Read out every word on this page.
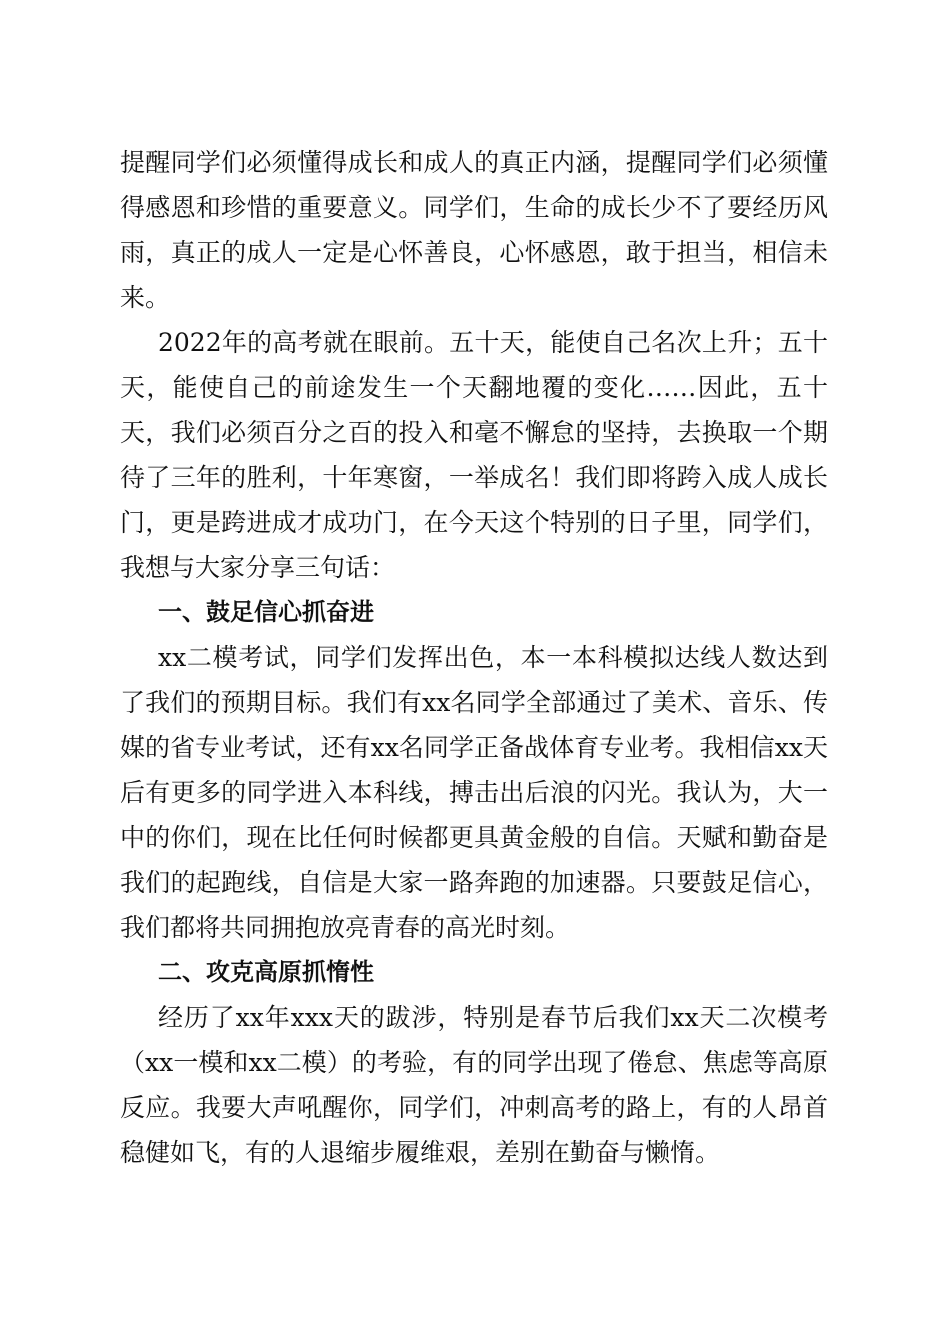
提醒同学们必须懂得成长和成人的真正内涵，提醒同学们必须懂得感恩和珍惜的重要意义。同学们，生命的成长少不了要经历风雨，真正的成人一定是心怀善良，心怀感恩，敢于担当，相信未来。

2022年的高考就在眼前。五十天，能使自己名次上升；五十天，能使自己的前途发生一个天翻地覆的变化……因此，五十天，我们必须百分之百的投入和毫不懈怠的坚持，去换取一个期待了三年的胜利，十年寒窗，一举成名！我们即将跨入成人成长门，更是跨进成才成功门，在今天这个特别的日子里，同学们，我想与大家分享三句话：

一、鼓足信心抓奋进

xx二模考试，同学们发挥出色，本一本科模拟达线人数达到了我们的预期目标。我们有xx名同学全部通过了美术、音乐、传媒的省专业考试，还有xx名同学正备战体育专业考。我相信xx天后有更多的同学进入本科线，搏击出后浪的闪光。我认为，大一中的你们，现在比任何时候都更具黄金般的自信。天赋和勤奋是我们的起跑线，自信是大家一路奔跑的加速器。只要鼓足信心，我们都将共同拥抱放亮青春的高光时刻。

二、攻克高原抓惰性

经历了xx年xxx天的跋涉，特别是春节后我们xx天二次模考（xx一模和xx二模）的考验，有的同学出现了倦怠、焦虑等高原反应。我要大声吼醒你，同学们，冲刺高考的路上，有的人昂首稳健如飞，有的人退缩步履维艰，差别在勤奋与懒惰。
